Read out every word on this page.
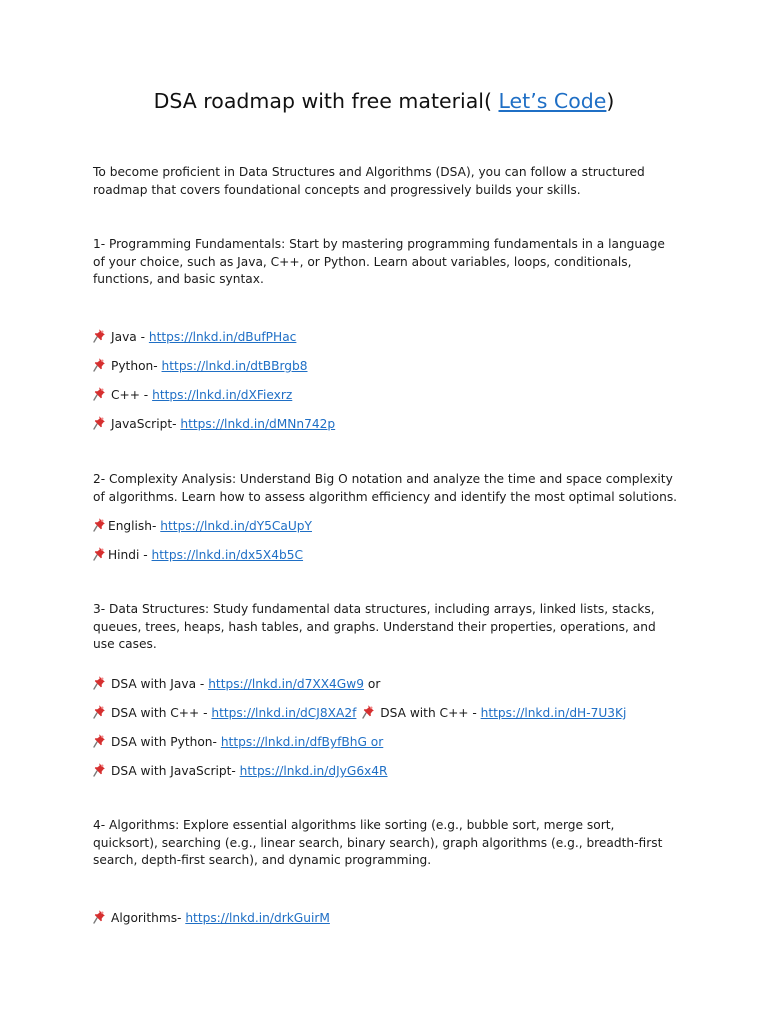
DSA roadmap with free material( Let’s Code)
To become proficient in Data Structures and Algorithms (DSA), you can follow a structured roadmap that covers foundational concepts and progressively builds your skills.
1- Programming Fundamentals: Start by mastering programming fundamentals in a language of your choice, such as Java, C++, or Python. Learn about variables, loops, conditionals, functions, and basic syntax.
Java - https://lnkd.in/dBufPHac
Python- https://lnkd.in/dtBBrgb8
C++ - https://lnkd.in/dXFiexrz
JavaScript- https://lnkd.in/dMNn742p
2- Complexity Analysis: Understand Big O notation and analyze the time and space complexity of algorithms. Learn how to assess algorithm efficiency and identify the most optimal solutions.
English- https://lnkd.in/dY5CaUpY
Hindi - https://lnkd.in/dx5X4b5C
3- Data Structures: Study fundamental data structures, including arrays, linked lists, stacks, queues, trees, heaps, hash tables, and graphs. Understand their properties, operations, and use cases.
DSA with Java - https://lnkd.in/d7XX4Gw9 or
DSA with C++ - https://lnkd.in/dCJ8XA2f DSA with C++ - https://lnkd.in/dH-7U3Kj
DSA with Python- https://lnkd.in/dfByfBhG or
DSA with JavaScript- https://lnkd.in/dJyG6x4R
4- Algorithms: Explore essential algorithms like sorting (e.g., bubble sort, merge sort, quicksort), searching (e.g., linear search, binary search), graph algorithms (e.g., breadth-first search, depth-first search), and dynamic programming.
Algorithms- https://lnkd.in/drkGuirM
